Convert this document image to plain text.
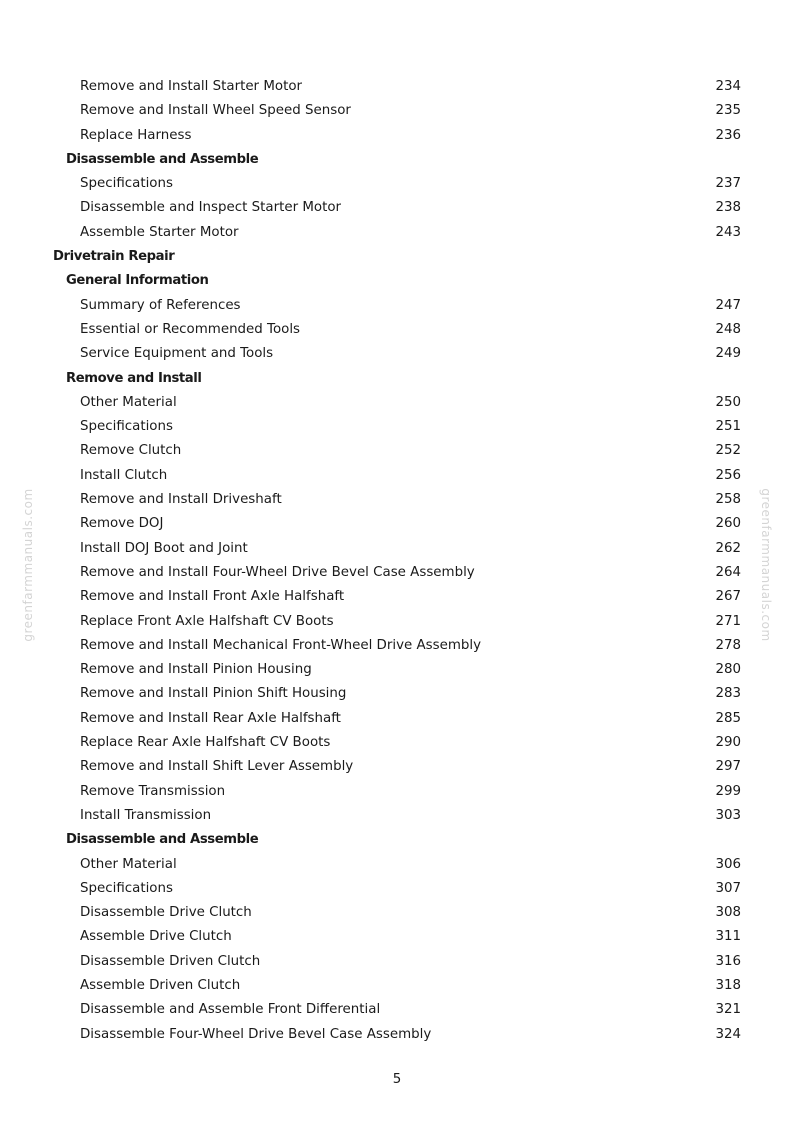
greenfarmmanuals.com	greenfarmmanuals.com
Remove and Install Starter Motor	234
Remove and Install Wheel Speed Sensor	235
Replace Harness	236
Disassemble and Assemble
Specifications	237
Disassemble and Inspect Starter Motor	238
Assemble Starter Motor	243
Drivetrain Repair
General Information
Summary of References	247
Essential or Recommended Tools	248
Service Equipment and Tools	249
Remove and Install
Other Material	250
Specifications	251
Remove Clutch	252
Install Clutch	256
Remove and Install Driveshaft	258
Remove DOJ	260
Install DOJ Boot and Joint	262
Remove and Install Four-Wheel Drive Bevel Case Assembly	264
Remove and Install Front Axle Halfshaft	267
Replace Front Axle Halfshaft CV Boots	271
Remove and Install Mechanical Front-Wheel Drive Assembly	278
Remove and Install Pinion Housing	280
Remove and Install Pinion Shift Housing	283
Remove and Install Rear Axle Halfshaft	285
Replace Rear Axle Halfshaft CV Boots	290
Remove and Install Shift Lever Assembly	297
Remove Transmission	299
Install Transmission	303
Disassemble and Assemble
Other Material	306
Specifications	307
Disassemble Drive Clutch	308
Assemble Drive Clutch	311
Disassemble Driven Clutch	316
Assemble Driven Clutch	318
Disassemble and Assemble Front Differential	321
Disassemble Four-Wheel Drive Bevel Case Assembly	324
5
